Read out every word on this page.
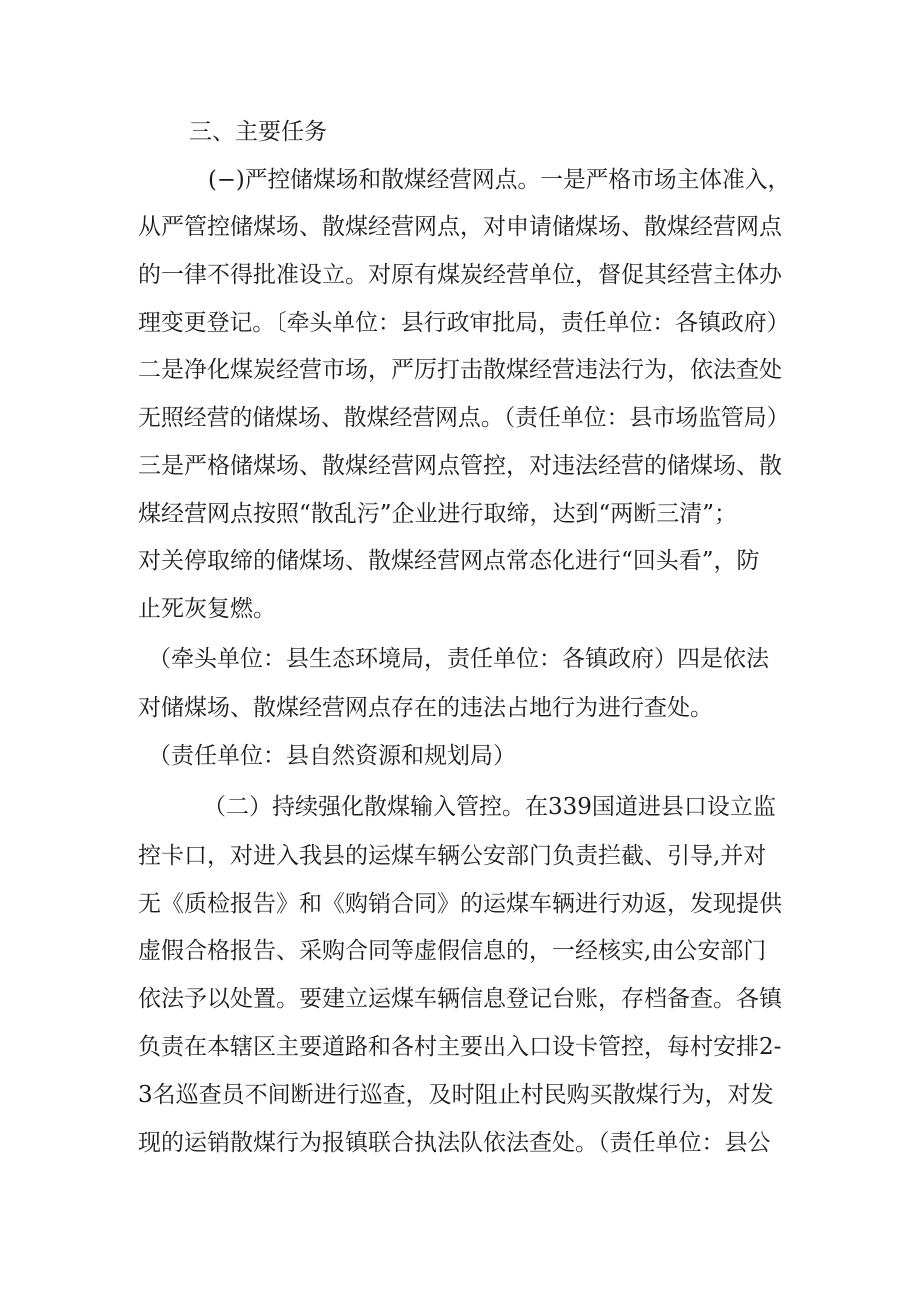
三、主要任务
(−)严控储煤场和散煤经营网点。一是严格市场主体准入，
从严管控储煤场、散煤经营网点，对申请储煤场、散煤经营网点
的一律不得批准设立。对原有煤炭经营单位，督促其经营主体办
理变更登记。〔牵头单位：县行政审批局，责任单位：各镇政府）
二是净化煤炭经营市场，严厉打击散煤经营违法行为，依法查处
无照经营的储煤场、散煤经营网点。（责任单位：县市场监管局）
三是严格储煤场、散煤经营网点管控，对违法经营的储煤场、散
煤经营网点按照“散乱污”企业进行取缔，达到“两断三清”；
对关停取缔的储煤场、散煤经营网点常态化进行“回头看”，防
止死灰复燃。
（牵头单位：县生态环境局，责任单位：各镇政府）四是依法
对储煤场、散煤经营网点存在的违法占地行为进行查处。
（责任单位：县自然资源和规划局）
（二）持续强化散煤输入管控。在339国道进县口设立监
控卡口，对进入我县的运煤车辆公安部门负责拦截、引导,并对
无《质检报告》和《购销合同》的运煤车辆进行劝返，发现提供
虚假合格报告、采购合同等虚假信息的，一经核实,由公安部门
依法予以处置。要建立运煤车辆信息登记台账，存档备查。各镇
负责在本辖区主要道路和各村主要出入口设卡管控，每村安排2-
3名巡查员不间断进行巡查，及时阻止村民购买散煤行为，对发
现的运销散煤行为报镇联合执法队依法查处。（责任单位：县公
